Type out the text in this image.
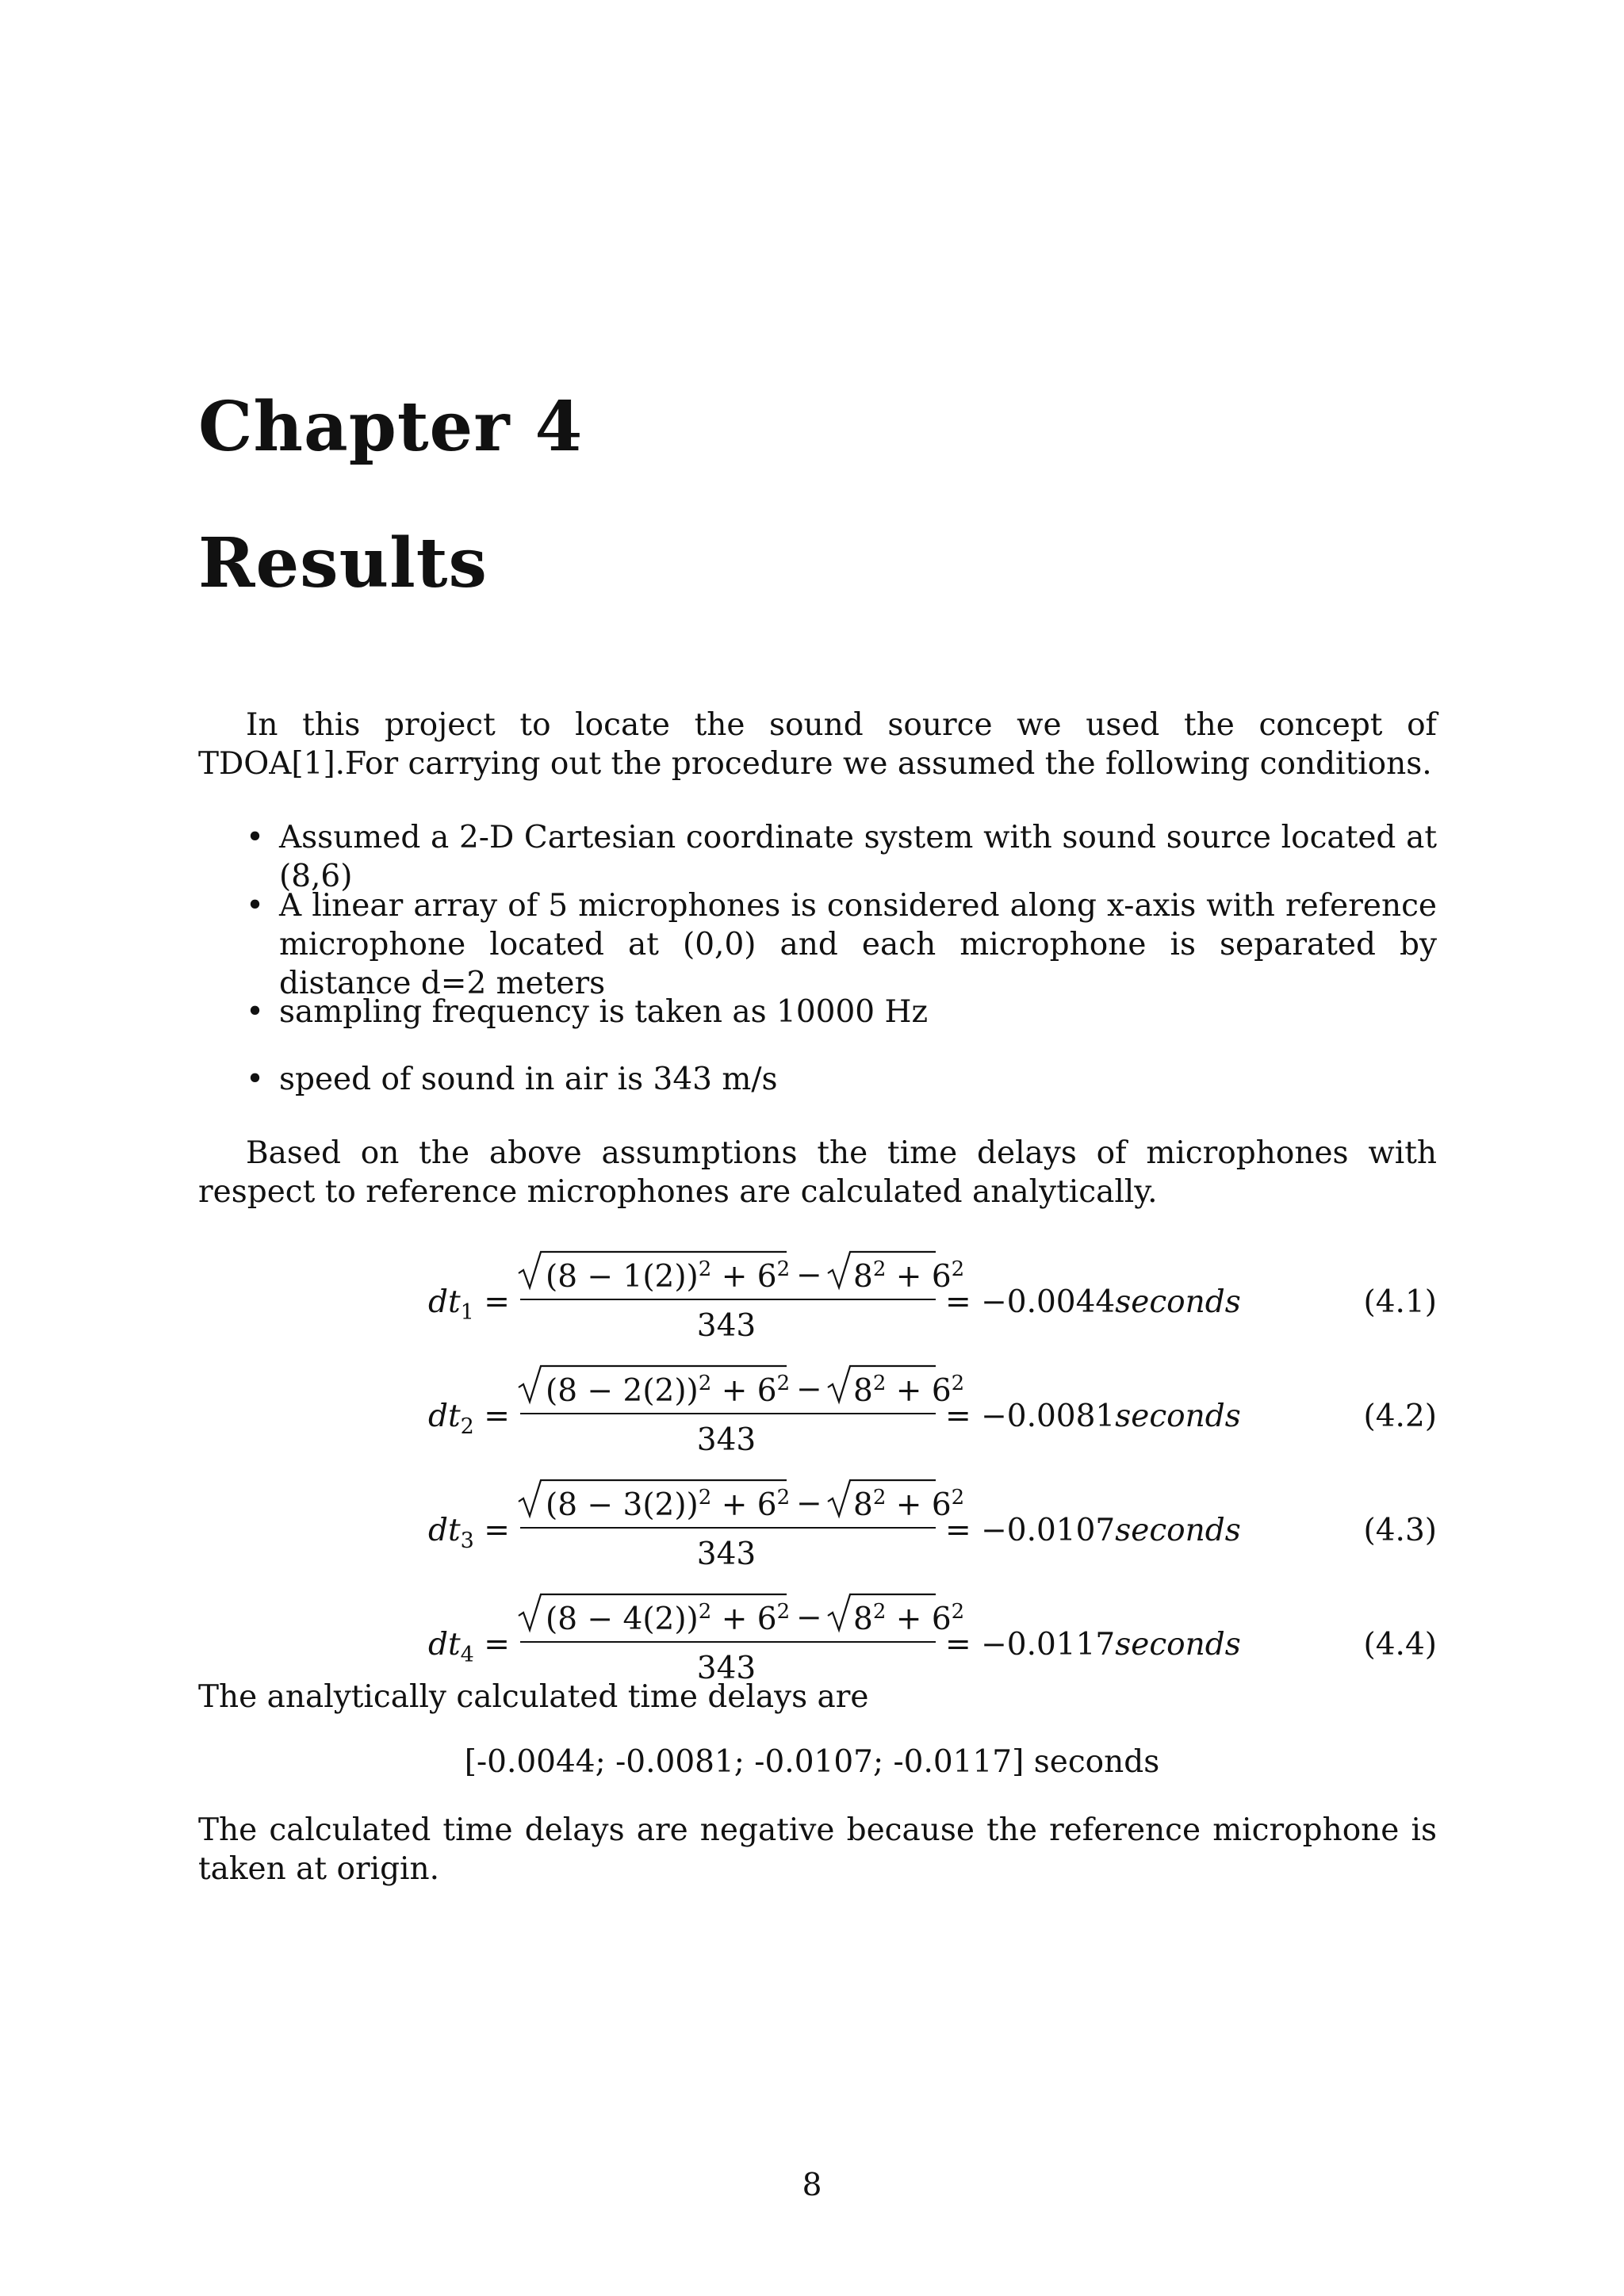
Chapter 4
Results
In this project to locate the sound source we used the concept of TDOA[1].For carrying out the procedure we assumed the following conditions.
• Assumed a 2-D Cartesian coordinate system with sound source located at (8,6)
• A linear array of 5 microphones is considered along x-axis with reference microphone located at (0,0) and each microphone is separated by distance d=2 meters
• sampling frequency is taken as 10000 Hz
• speed of sound in air is 343 m/s
Based on the above assumptions the time delays of microphones with respect to reference microphones are calculated analytically.
$dt_1$ =
$(8 - 1(2))^2 + 6^2 - 8^2 + 6^2$
343
= −0.0044seconds	(4.1)
$dt_2$ =
$(8 - 2(2))^2 + 6^2 - 8^2 + 6^2$
343
= −0.0081seconds	(4.2)
$dt_3$ =
$(8 - 3(2))^2 + 6^2 - 8^2 + 6^2$
343
= −0.0107seconds	(4.3)
$dt_4$ =
$(8 - 4(2))^2 + 6^2 - 8^2 + 6^2$
343
= −0.0117seconds	(4.4)
The analytically calculated time delays are
[-0.0044; -0.0081; -0.0107; -0.0117] seconds
The calculated time delays are negative because the reference microphone is taken at origin.
8
